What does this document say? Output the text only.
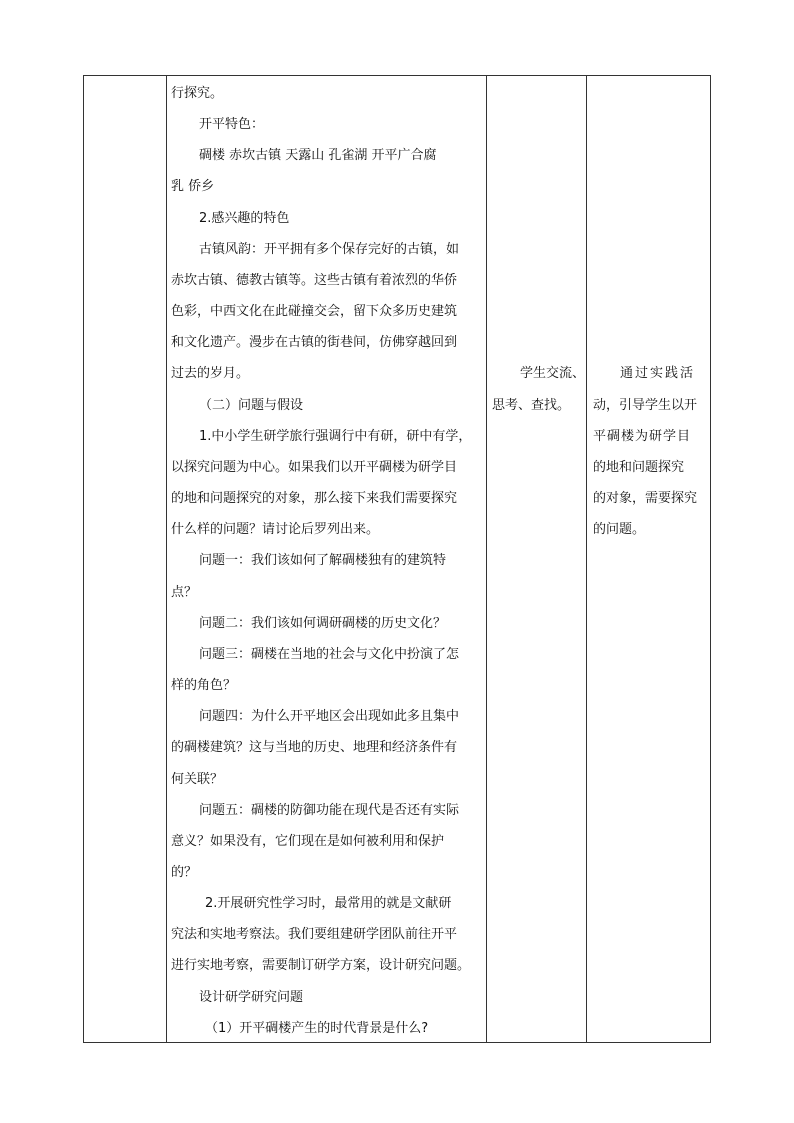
行探究。
开平特色：
碉楼 赤坎古镇 天露山 孔雀湖 开平广合腐
乳 侨乡
2.感兴趣的特色
古镇风韵：开平拥有多个保存完好的古镇，如
赤坎古镇、德教古镇等。这些古镇有着浓烈的华侨
色彩，中西文化在此碰撞交会，留下众多历史建筑
和文化遗产。漫步在古镇的街巷间，仿佛穿越回到
过去的岁月。
（二）问题与假设
1.中小学生研学旅行强调行中有研，研中有学，
以探究问题为中心。如果我们以开平碉楼为研学目
的地和问题探究的对象，那么接下来我们需要探究
什么样的问题？请讨论后罗列出来。
问题一：我们该如何了解碉楼独有的建筑特
点？
问题二：我们该如何调研碉楼的历史文化？
问题三：碉楼在当地的社会与文化中扮演了怎
样的角色？
问题四：为什么开平地区会出现如此多且集中
的碉楼建筑？这与当地的历史、地理和经济条件有
何关联？
问题五：碉楼的防御功能在现代是否还有实际
意义？如果没有，它们现在是如何被利用和保护
的？
2.开展研究性学习时，最常用的就是文献研
究法和实地考察法。我们要组建研学团队前往开平
进行实地考察，需要制订研学方案，设计研究问题。
设计研学研究问题
（1）开平碉楼产生的时代背景是什么?
学生交流、
思考、查找。
通过实践活
动，引导学生以开
平碉楼为研学目
的地和问题探究
的对象，需要探究
的问题。
